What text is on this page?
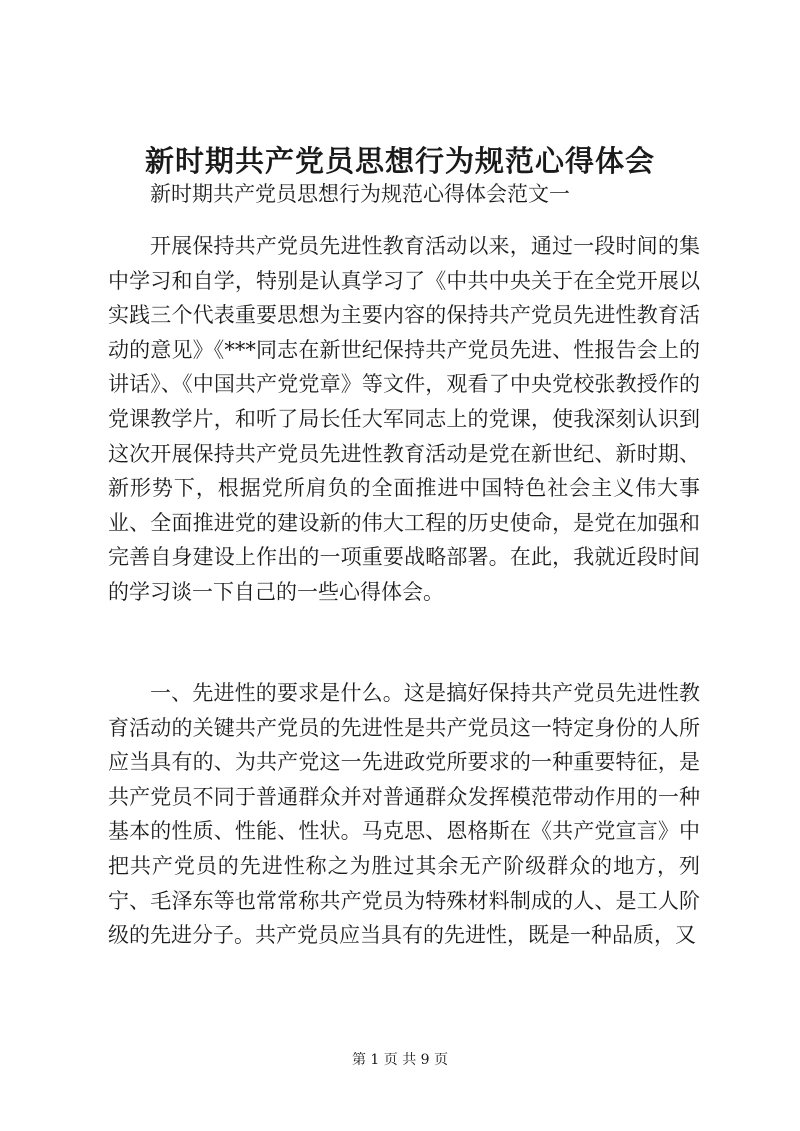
新时期共产党员思想行为规范心得体会

新时期共产党员思想行为规范心得体会范文一

开展保持共产党员先进性教育活动以来，通过一段时间的集中学习和自学，特别是认真学习了《中共中央关于在全党开展以实践三个代表重要思想为主要内容的保持共产党员先进性教育活动的意见》《***同志在新世纪保持共产党员先进、性报告会上的讲话》、《中国共产党党章》等文件，观看了中央党校张教授作的党课教学片，和听了局长任大军同志上的党课，使我深刻认识到这次开展保持共产党员先进性教育活动是党在新世纪、新时期、新形势下，根据党所肩负的全面推进中国特色社会主义伟大事业、全面推进党的建设新的伟大工程的历史使命，是党在加强和完善自身建设上作出的一项重要战略部署。在此，我就近段时间的学习谈一下自己的一些心得体会。

一、先进性的要求是什么。这是搞好保持共产党员先进性教育活动的关键共产党员的先进性是共产党员这一特定身份的人所应当具有的、为共产党这一先进政党所要求的一种重要特征，是共产党员不同于普通群众并对普通群众发挥模范带动作用的一种基本的性质、性能、性状。马克思、恩格斯在《共产党宣言》中把共产党员的先进性称之为胜过其余无产阶级群众的地方，列宁、毛泽东等也常常称共产党员为特殊材料制成的人、是工人阶级的先进分子。共产党员应当具有的先进性，既是一种品质，又

第 1 页 共 9 页
